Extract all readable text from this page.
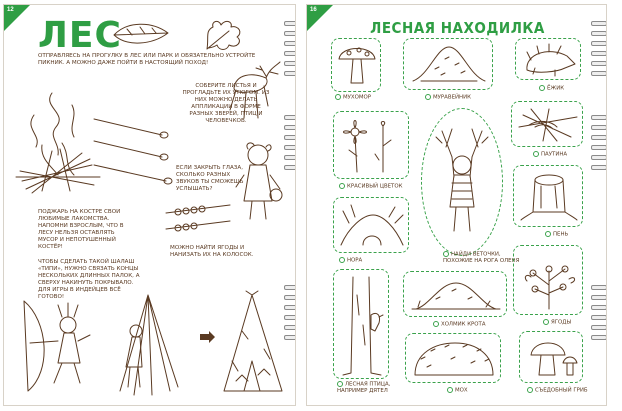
12
ЛЕС
ОТПРАВЛЯЕСЬ НА ПРОГУЛКУ В ЛЕС ИЛИ ПАРК И ОБЯЗАТЕЛЬНО УСТРОЙТЕ ПИКНИК. А МОЖНО ДАЖЕ ПОЙТИ В НАСТОЯЩИЙ ПОХОД!
СОБЕРИТЕ ЛИСТЬЯ И ПРОГЛАДЬТЕ ИХ УТЮГОМ. ИЗ НИХ МОЖНО ДЕЛАТЬ АППЛИКАЦИИ В ФОРМЕ РАЗНЫХ ЗВЕРЕЙ, ПТИЦ И ЧЕЛОВЕЧКОВ.
ЕСЛИ ЗАКРЫТЬ ГЛАЗА, СКОЛЬКО РАЗНЫХ ЗВУКОВ ТЫ СМОЖЕШЬ УСЛЫШАТЬ?
ПОДЖАРЬ НА КОСТРЕ СВОИ ЛЮБИМЫЕ ЛАКОМСТВА. НАПОМНИ ВЗРОСЛЫМ, ЧТО В ЛЕСУ НЕЛЬЗЯ ОСТАВЛЯТЬ МУСОР И НЕПОТУШЕННЫЙ КОСТЁР!	МОЖНО НАЙТИ ЯГОДЫ И НАНИЗАТЬ ИХ НА КОЛОСОК.
ЧТОБЫ СДЕЛАТЬ ТАКОЙ ШАЛАШ «ТИПИ», НУЖНО СВЯЗАТЬ КОНЦЫ НЕСКОЛЬКИХ ДЛИННЫХ ПАЛОК, А СВЕРХУ НАКИНУТЬ ПОКРЫВАЛО. ДЛЯ ИГРЫ В ИНДЕЙЦЕВ ВСЁ ГОТОВО!
16
ЛЕСНАЯ НАХОДИЛКА
МУХОМОР	МУРАВЕЙНИК
ЁЖИК
КРАСИВЫЙ ЦВЕТОК
НАЙДИ ВЕТОЧКИ, ПОХОЖИЕ НА РОГА ОЛЕНЯ
ПАУТИНА
ПЕНЬ
НОРА
ЯГОДЫ
ЛЕСНАЯ ПТИЦА, НАПРИМЕР ДЯТЕЛ
ХОЛМИК КРОТА
МОХ	СЪЕДОБНЫЙ ГРИБ
